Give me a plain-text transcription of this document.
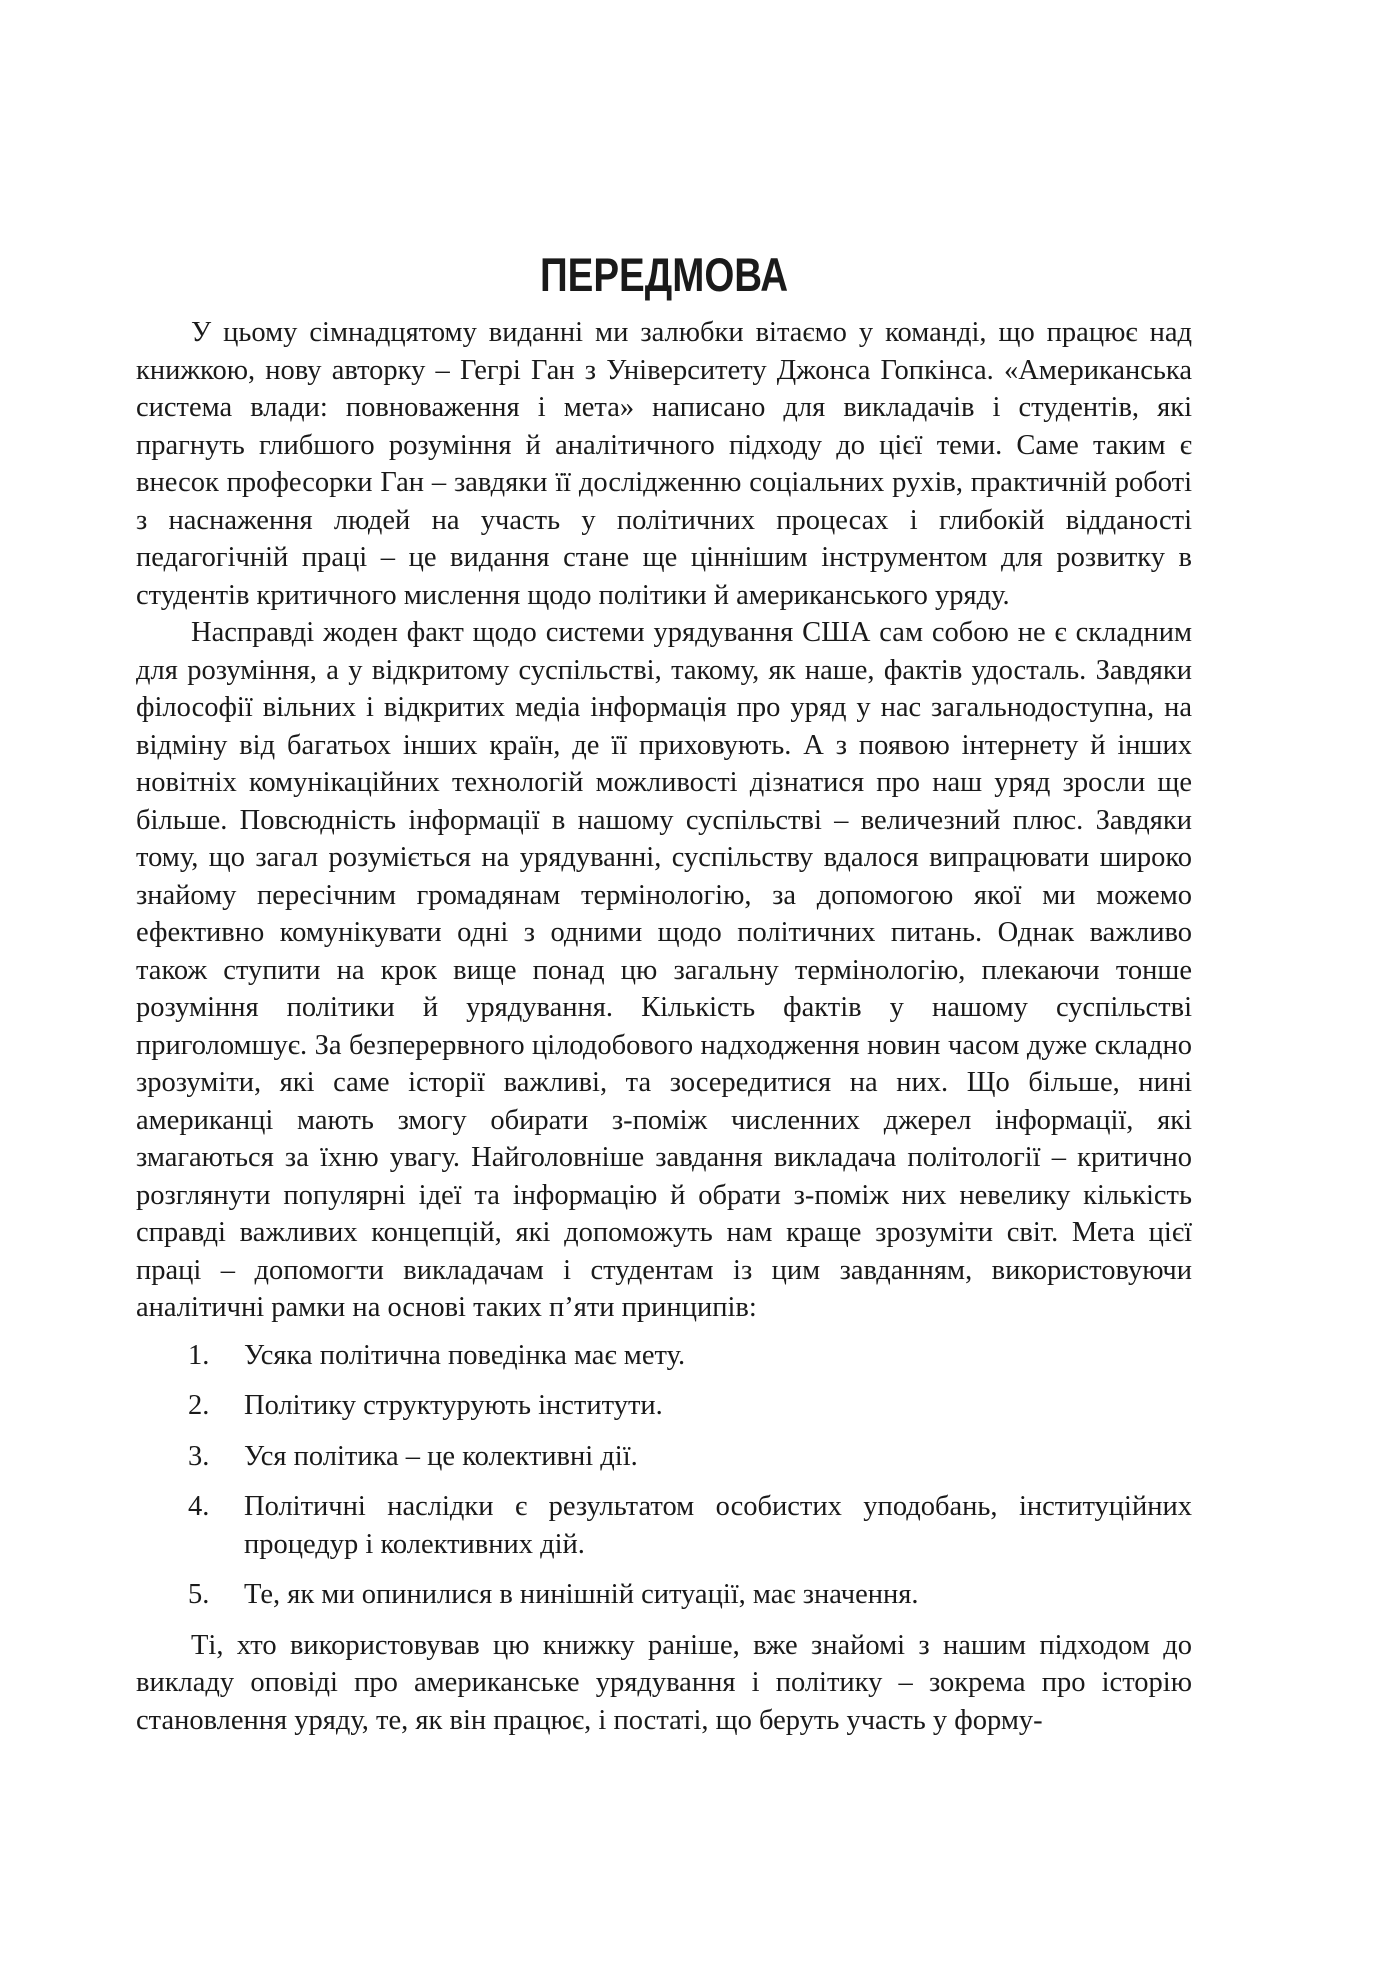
ПЕРЕДМОВА

У цьому сімнадцятому виданні ми залюбки вітаємо у команді, що працює над книжкою, нову авторку – Гегрі Ган з Університету Джонса Гопкінса. «Американська система влади: повноваження і мета» написано для викладачів і студентів, які прагнуть глибшого розуміння й аналітичного підходу до цієї теми. Саме таким є внесок професорки Ган – завдяки її дослідженню соціальних рухів, практичній роботі з наснаження людей на участь у політичних процесах і глибокій відданості педагогічній праці – це видання стане ще ціннішим інструментом для розвитку в студентів критичного мислення щодо політики й американського уряду.

Насправді жоден факт щодо системи урядування США сам собою не є складним для розуміння, а у відкритому суспільстві, такому, як наше, фактів удосталь. Завдяки філософії вільних і відкритих медіа інформація про уряд у нас загальнодоступна, на відміну від багатьох інших країн, де її приховують. А з появою інтернету й інших новітніх комунікаційних технологій можливості дізнатися про наш уряд зросли ще більше. Повсюдність інформації в нашому суспільстві – величезний плюс. Завдяки тому, що загал розуміється на урядуванні, суспільству вдалося випрацювати широко знайому пересічним громадянам термінологію, за допомогою якої ми можемо ефективно комунікувати одні з одними щодо політичних питань. Однак важливо також ступити на крок вище понад цю загальну термінологію, плекаючи тонше розуміння політики й урядування. Кількість фактів у нашому суспільстві приголомшує. За безперервного цілодобового надходження новин часом дуже складно зрозуміти, які саме історії важливі, та зосередитися на них. Що більше, нині американці мають змогу обирати з-поміж численних джерел інформації, які змагаються за їхню увагу. Найголовніше завдання викладача політології – критично розглянути популярні ідеї та інформацію й обрати з-поміж них невелику кількість справді важливих концепцій, які допоможуть нам краще зрозуміти світ. Мета цієї праці – допомогти викладачам і студентам із цим завданням, використовуючи аналітичні рамки на основі таких п’яти принципів:

1.	Усяка політична поведінка має мету.
2.	Політику структурують інститути.
3.	Уся політика – це колективні дії.
4.	Політичні наслідки є результатом особистих уподобань, інституційних процедур і колективних дій.
5.	Те, як ми опинилися в нинішній ситуації, має значення.

Ті, хто використовував цю книжку раніше, вже знайомі з нашим підходом до викладу оповіді про американське урядування і політику – зокрема про історію становлення уряду, те, як він працює, і постаті, що беруть участь у форму-
